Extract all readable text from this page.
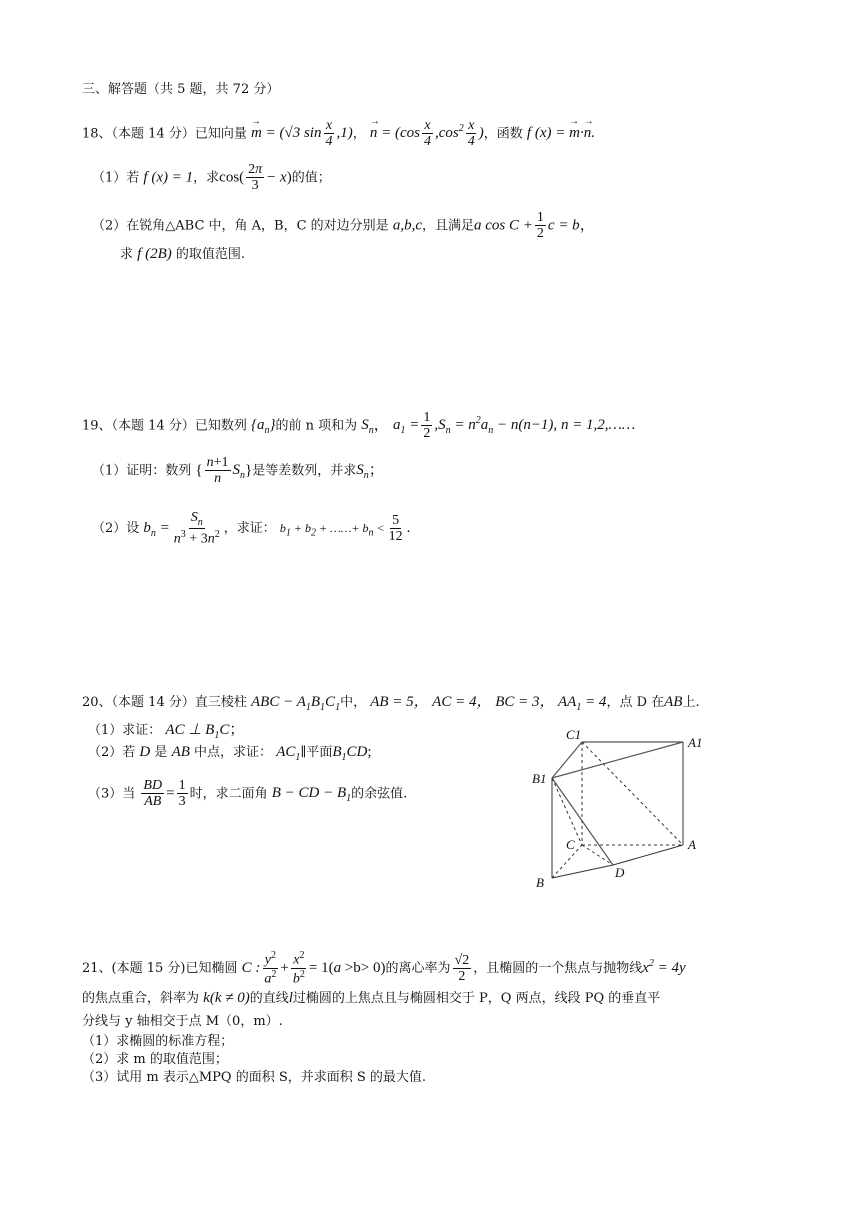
三、解答题（共 5 题，共 72 分）
18、（本题 14 分）已知向量 → m = (√3 $\sin \frac{x}{4} ,1$)， → $n = (\cos \frac{x}{4} ,\cos^2 \frac{x}{4}$ )，函数 f (x) = → m·→ n.
（1）若 f (x) = 1，求$\cos( \frac{2\pi}{3} - x)$的值；
（2）在锐角△ABC 中，角 A，B，C 的对边分别是 a,b,c，且满足a $\cos C + \frac{1}{2}$ c = b，
求 f (2B) 的取值范围.
19、（本题 14 分）已知数列 $\{a_n\}$的前 n 项和为 $S_n$， $a_1 = \frac{1}{2} ,S_n = n^2a_n - n(n-1)$, n = 1,2,……
（1）证明：数列 { $\frac{n+1}{n} S_n$}是等差数列，并求$S_n$；
（2）设 $b_n = \frac{S_n}{n^3 + 3n^2}$ ，求证： $b_1 + b_2$ + ……+ $b_n < \frac{5}{12}$ .
20、（本题 14 分）直三棱柱 ABC − $A_1B_1C_1$中， AB = 5， AC = 4， BC = 3， $AA_1 = 4$，点 D 在AB上.
（1）求证： AC ⊥ $B_1C$；
（2）若 D 是 AB 中点，求证： $AC_1\parallel$平面$B_1CD$;
（3）当 $\frac{BD}{AB} = \frac{1}{3}$ 时，求二面角 B − CD − $B_1$的余弦值.
C1
A1
B1
C	A
B
D
21、(本题 15 分)已知椭圆 C : $\frac{y^2}{a^2} + \frac{x^2}{b^2} = 1(a >b> 0)$的离心率为 $\frac{√2}{2}$ ，且椭圆的一个焦点与抛物线$x^2 = 4y$
的焦点重合，斜率为 k(k ≠ 0)的直线l过椭圆的上焦点且与椭圆相交于 P，Q 两点，线段 PQ 的垂直平
分线与 y 轴相交于点 M（0，m）.
（1）求椭圆的标准方程；
（2）求 m 的取值范围；
（3）试用 m 表示△MPQ 的面积 S，并求面积 S 的最大值.
